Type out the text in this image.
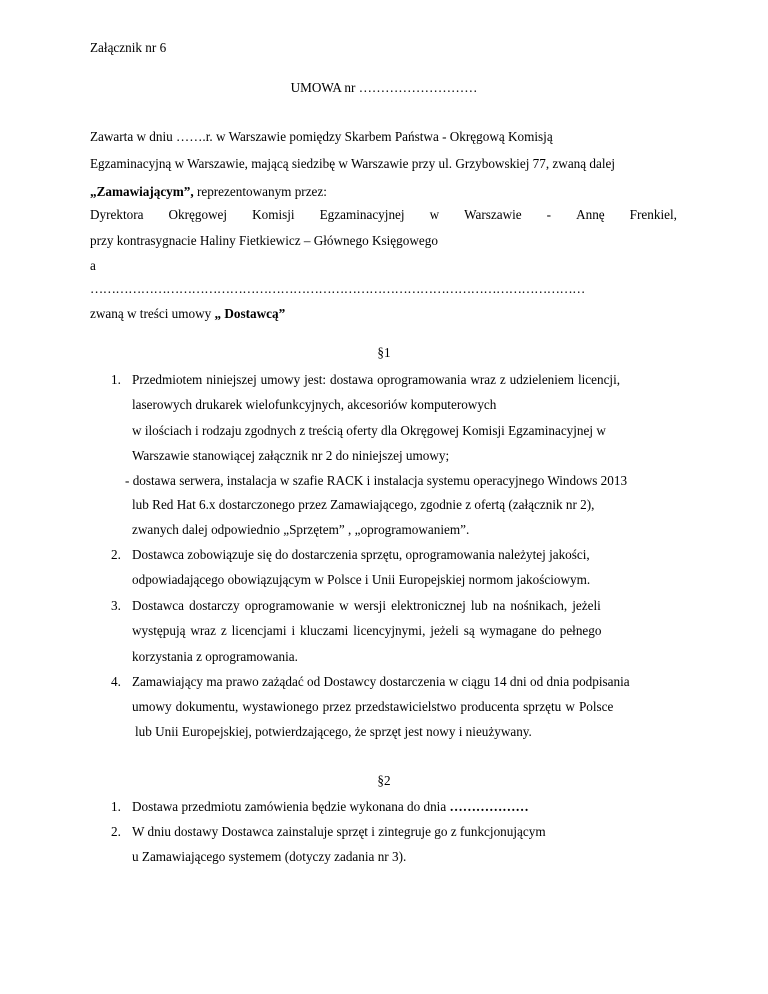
Załącznik nr 6
UMOWA nr ………………………
Zawarta w dniu …….r. w Warszawie pomiędzy Skarbem Państwa - Okręgową Komisją
Egzaminacyjną w Warszawie, mającą siedzibę w Warszawie przy ul. Grzybowskiej 77, zwaną dalej
„Zamawiającym”, reprezentowanym przez:
Dyrektora Okręgowej Komisji Egzaminacyjnej w Warszawie - Annę Frenkiel,
przy kontrasygnacie Haliny Fietkiewicz – Głównego Księgowego
a
………………………………………………………………………………………………………
zwaną w treści umowy „ Dostawcą”
§1
1. Przedmiotem niniejszej umowy jest: dostawa oprogramowania wraz z udzieleniem licencji,
laserowych drukarek wielofunkcyjnych, akcesoriów komputerowych
w ilościach i rodzaju zgodnych z treścią oferty dla Okręgowej Komisji Egzaminacyjnej w
Warszawie stanowiącej załącznik nr 2 do niniejszej umowy;
- dostawa serwera, instalacja w szafie RACK i instalacja systemu operacyjnego Windows 2013
lub Red Hat 6.x dostarczonego przez Zamawiającego, zgodnie z ofertą (załącznik nr 2),
zwanych dalej odpowiednio „Sprzętem” , „oprogramowaniem”.
2. Dostawca zobowiązuje się do dostarczenia sprzętu, oprogramowania należytej jakości,
odpowiadającego obowiązującym w Polsce i Unii Europejskiej normom jakościowym.
3. Dostawca dostarczy oprogramowanie w wersji elektronicznej lub na nośnikach, jeżeli
występują wraz z licencjami i kluczami licencyjnymi, jeżeli są wymagane do pełnego
korzystania z oprogramowania.
4. Zamawiający ma prawo zażądać od Dostawcy dostarczenia w ciągu 14 dni od dnia podpisania
umowy dokumentu, wystawionego przez przedstawicielstwo producenta sprzętu w Polsce
lub Unii Europejskiej, potwierdzającego, że sprzęt jest nowy i nieużywany.
§2
1. Dostawa przedmiotu zamówienia będzie wykonana do dnia ………………
2. W dniu dostawy Dostawca zainstaluje sprzęt i zintegruje go z funkcjonującym
u Zamawiającego systemem (dotyczy zadania nr 3).
